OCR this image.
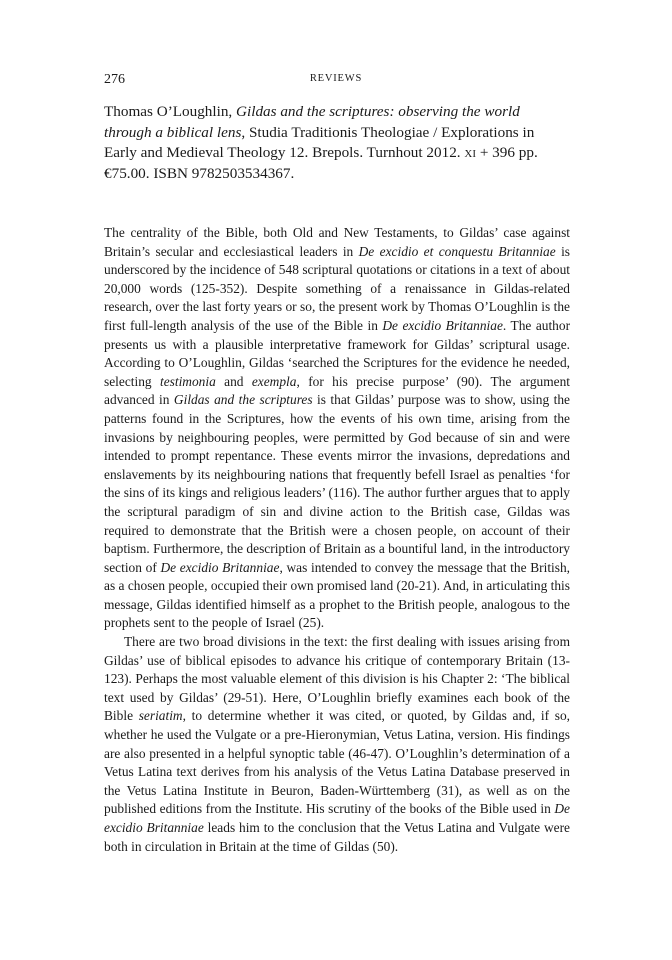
276	REVIEWS

Thomas O’Loughlin, Gildas and the scriptures: observing the world through a biblical lens, Studia Traditionis Theologiae / Explorations in Early and Medieval Theology 12. Brepols. Turnhout 2012. xi + 396 pp. €75.00. ISBN 9782503534367.

The centrality of the Bible, both Old and New Testaments, to Gildas’ case against Britain’s secular and ecclesiastical leaders in De excidio et conquestu Britanniae is underscored by the incidence of 548 scriptural quotations or citations in a text of about 20,000 words (125-352). Despite something of a renaissance in Gildas-related research, over the last forty years or so, the present work by Thomas O’Loughlin is the first full-length analysis of the use of the Bible in De excidio Britanniae. The author presents us with a plausible interpretative framework for Gildas’ scriptural usage. According to O’Loughlin, Gildas ‘searched the Scriptures for the evidence he needed, selecting testimonia and exempla, for his precise purpose’ (90). The argument advanced in Gildas and the scriptures is that Gildas’ purpose was to show, using the patterns found in the Scriptures, how the events of his own time, arising from the invasions by neighbouring peoples, were permitted by God because of sin and were intended to prompt repentance. These events mirror the invasions, depredations and enslavements by its neighbouring nations that frequently befell Israel as penalties ‘for the sins of its kings and religious leaders’ (116). The author further argues that to apply the scriptural paradigm of sin and divine action to the British case, Gildas was required to demonstrate that the British were a chosen people, on account of their baptism. Furthermore, the description of Britain as a bountiful land, in the introductory section of De excidio Britanniae, was intended to convey the message that the British, as a chosen people, occupied their own promised land (20-21). And, in articulating this message, Gildas identified himself as a prophet to the British people, analogous to the prophets sent to the people of Israel (25).

There are two broad divisions in the text: the first dealing with issues arising from Gildas’ use of biblical episodes to advance his critique of contemporary Britain (13-123). Perhaps the most valuable element of this division is his Chapter 2: ‘The biblical text used by Gildas’ (29-51). Here, O’Loughlin briefly examines each book of the Bible seriatim, to determine whether it was cited, or quoted, by Gildas and, if so, whether he used the Vulgate or a pre-Hieronymian, Vetus Latina, version. His findings are also presented in a helpful synoptic table (46-47). O’Loughlin’s determination of a Vetus Latina text derives from his analysis of the Vetus Latina Database preserved in the Vetus Latina Institute in Beuron, Baden-Württemberg (31), as well as on the published editions from the Institute. His scrutiny of the books of the Bible used in De excidio Britanniae leads him to the conclusion that the Vetus Latina and Vulgate were both in circulation in Britain at the time of Gildas (50).
